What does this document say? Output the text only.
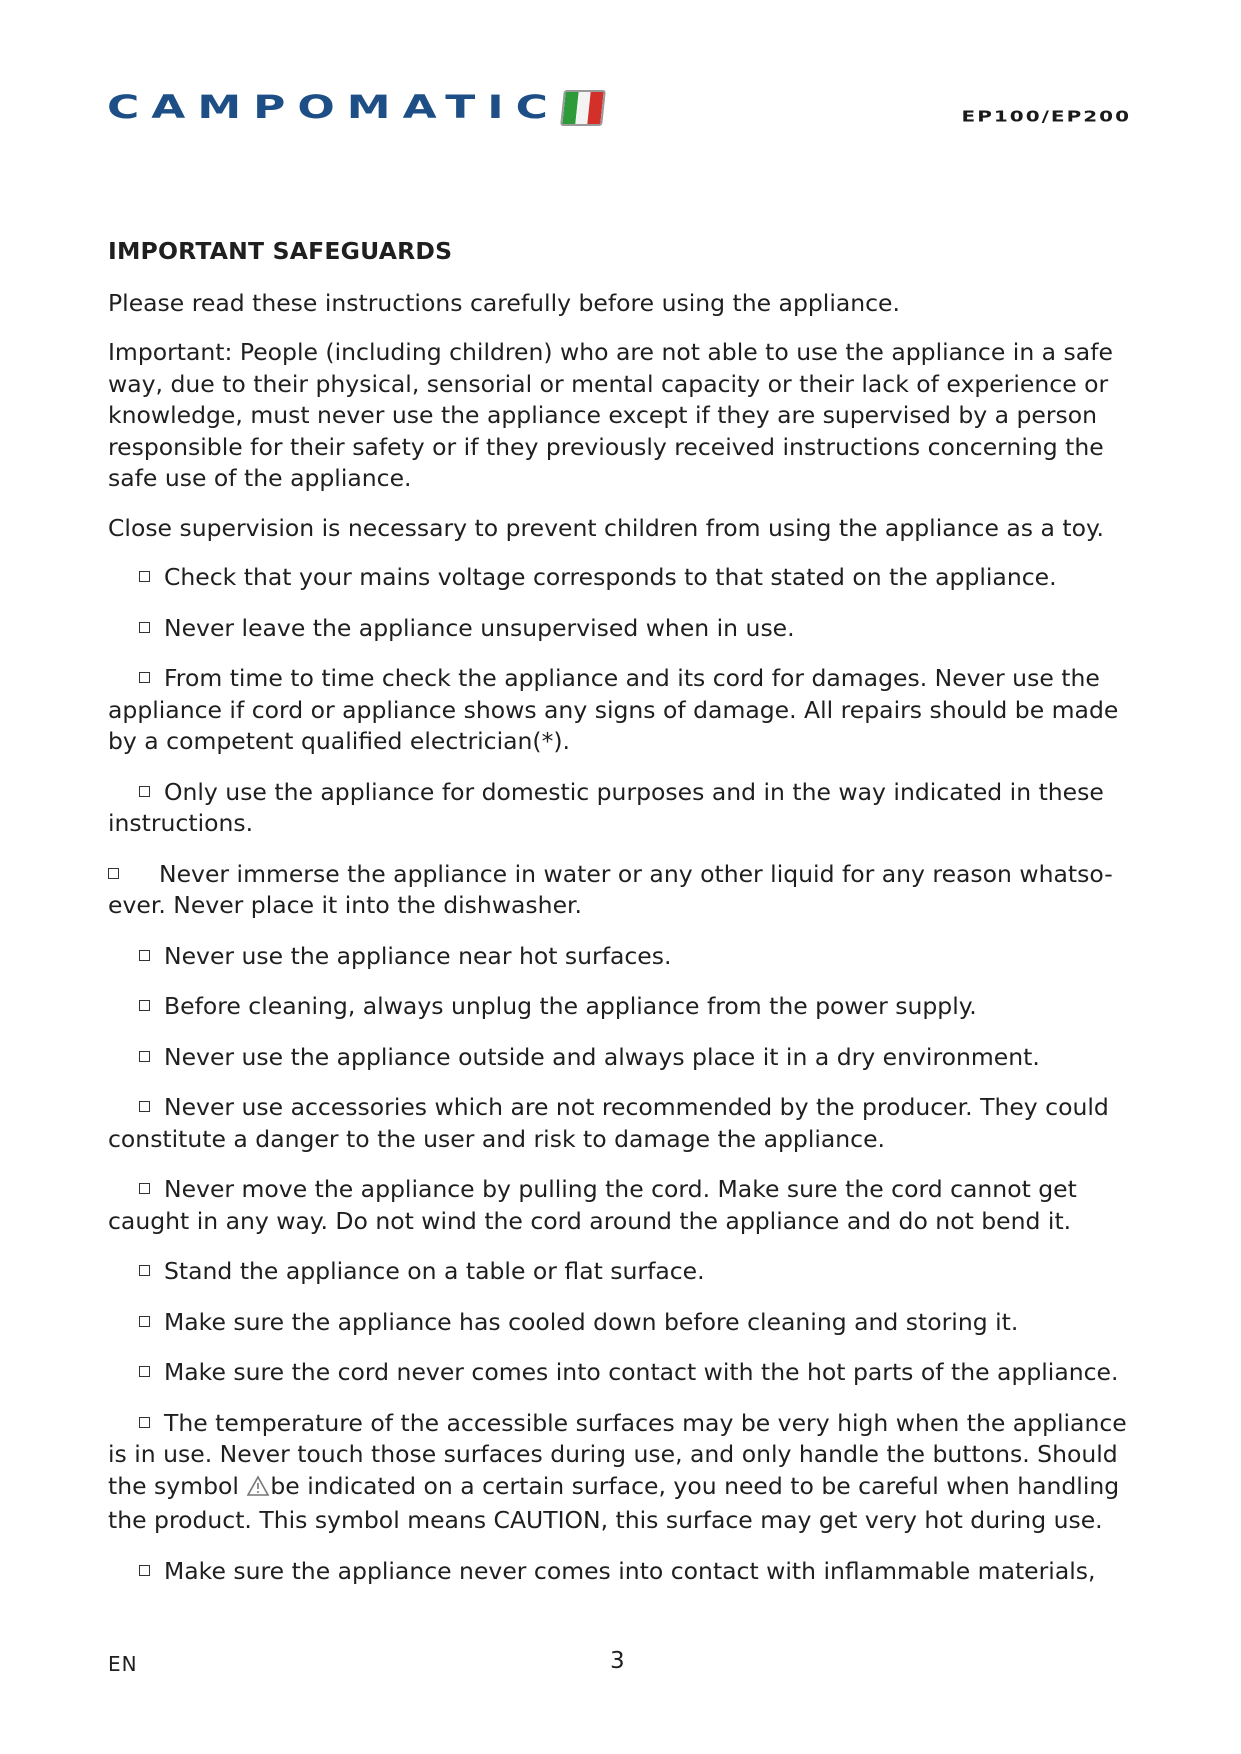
CAMPOMATIC	EP100/EP200
IMPORTANT SAFEGUARDS
Please read these instructions carefully before using the appliance.
Important: People (including children) who are not able to use the appliance in a safe way, due to their physical, sensorial or mental capacity or their lack of experience or knowledge, must never use the appliance except if they are supervised by a person responsible for their safety or if they previously received instructions concerning the safe use of the appliance.
Close supervision is necessary to prevent children from using the appliance as a toy.
Check that your mains voltage corresponds to that stated on the appliance.
Never leave the appliance unsupervised when in use.
From time to time check the appliance and its cord for damages. Never use the appliance if cord or appliance shows any signs of damage. All repairs should be made by a competent qualified electrician(*).
Only use the appliance for domestic purposes and in the way indicated in these instructions.
Never immerse the appliance in water or any other liquid for any reason whatso-ever. Never place it into the dishwasher.
Never use the appliance near hot surfaces.
Before cleaning, always unplug the appliance from the power supply.
Never use the appliance outside and always place it in a dry environment.
Never use accessories which are not recommended by the producer. They could constitute a danger to the user and risk to damage the appliance.
Never move the appliance by pulling the cord. Make sure the cord cannot get caught in any way. Do not wind the cord around the appliance and do not bend it.
Stand the appliance on a table or flat surface.
Make sure the appliance has cooled down before cleaning and storing it.
Make sure the cord never comes into contact with the hot parts of the appliance.
The temperature of the accessible surfaces may be very high when the appliance is in use. Never touch those surfaces during use, and only handle the buttons. Should the symbol be indicated on a certain surface, you need to be careful when handling the product. This symbol means CAUTION, this surface may get very hot during use.
Make sure the appliance never comes into contact with inflammable materials,
EN	3
